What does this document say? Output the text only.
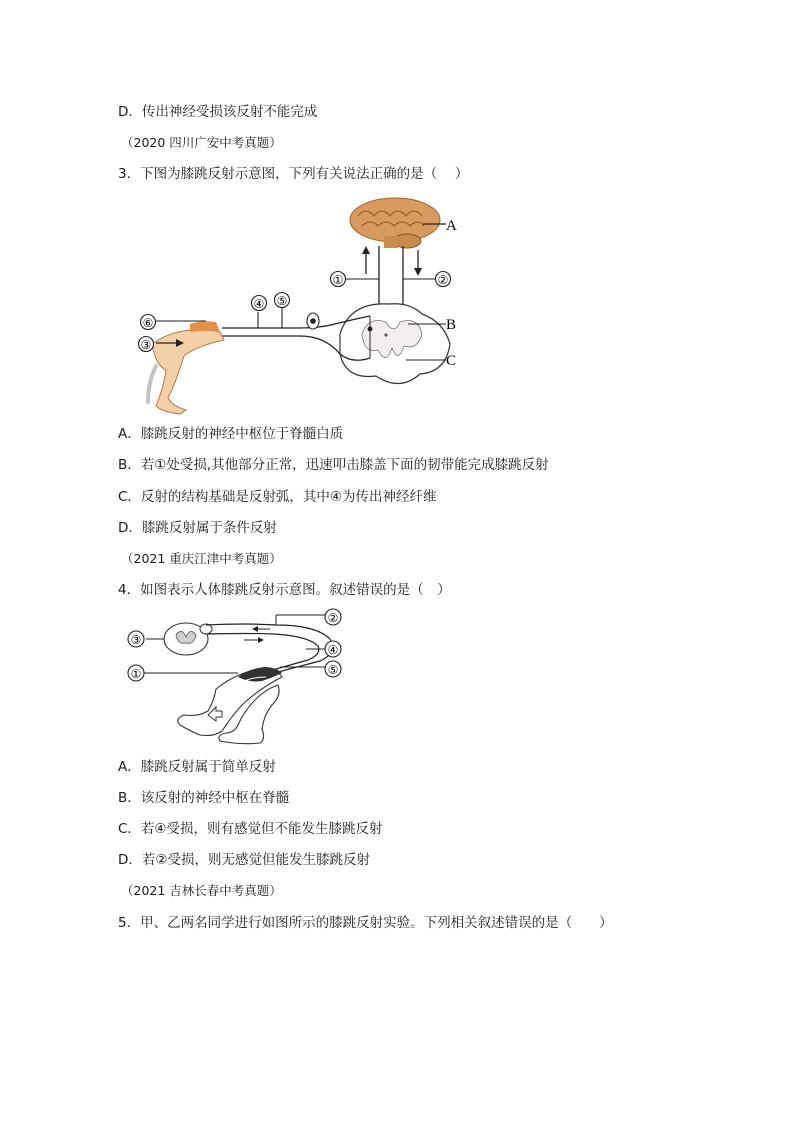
D．传出神经受损该反射不能完成
（2020 四川广安中考真题）
3．下图为膝跳反射示意图，下列有关说法正确的是（　 ）
A
①	②
B
C
④ ⑤
⑥
③
A．膝跳反射的神经中枢位于脊髓白质
B．若①处受损,其他部分正常，迅速叩击膝盖下面的韧带能完成膝跳反射
C．反射的结构基础是反射弧，其中④为传出神经纤维
D．膝跳反射属于条件反射
（2021 重庆江津中考真题）
4．如图表示人体膝跳反射示意图。叙述错误的是（　）
③
②
④
⑤
①
A．膝跳反射属于简单反射
B．该反射的神经中枢在脊髓
C．若④受损，则有感觉但不能发生膝跳反射
D．若②受损，则无感觉但能发生膝跳反射
（2021 吉林长春中考真题）
5．甲、乙两名同学进行如图所示的膝跳反射实验。下列相关叙述错误的是（　　）
